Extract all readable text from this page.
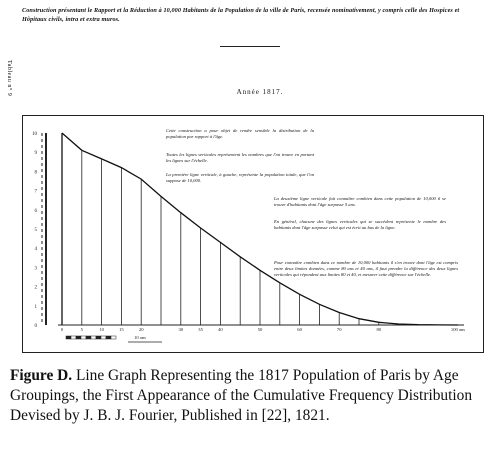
Construction présentant le Rapport et la Réduction à 10,000 Habitants de la Population de la ville de Paris, recensée nominativement, y compris celle des Hospices et Hôpitaux civils, intra et extra muros.
Tableau n° 9	Année 1817.
10
9
8
7
6
5
4
3
2
1
0
0	5	10	15	20	30	35	40	50	60	70	80	100 ans
10 ans
Cette construction a pour objet de rendre sensible la distribution de la population par rapport à l'âge.
Toutes les lignes verticales représentent les nombres que l'on trouve en portant les lignes sur l'échelle.
La première ligne verticale, à gauche, représente la population totale, que l'on suppose de 10,000.
La deuxième ligne verticale fait connaître combien dans cette population de 10,000 il se trouve d'habitants dont l'âge surpasse 5 ans.
En général, chacune des lignes verticales qui se succèdent représente le nombre des habitants dont l'âge surpasse celui qui est écrit au bas de la ligne.
Pour connaître combien dans ce nombre de 10,000 habitants il s'en trouve dont l'âge est compris entre deux limites données, comme 80 ans et 40 ans, il faut prendre la différence des deux lignes verticales qui répondent aux limites 80 et 40, et mesurer cette différence sur l'échelle.
Figure D. Line Graph Representing the 1817 Population of Paris by Age Groupings, the First Appearance of the Cumulative Frequency Distribution Devised by J. B. J. Fourier, Published in [22], 1821.
